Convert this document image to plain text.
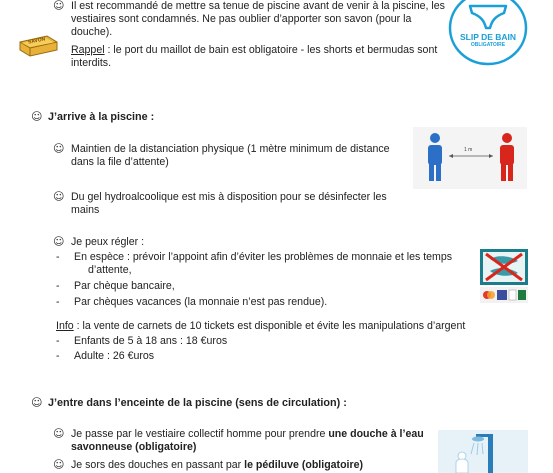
☺ Il est recommandé de mettre sa tenue de piscine avant de venir à la piscine, les
vestiaires sont condamnés. Ne pas oublier d’apporter son savon (pour la
douche).
Rappel : le port du maillot de bain est obligatoire - les shorts et bermudas sont
interdits.
SAVON	SLIP DE BAIN
OBLIGATOIRE
☺ J’arrive à la piscine :
☺ Maintien de la distanciation physique (1 mètre minimum de distance
dans la file d’attente)
1 m
☺ Du gel hydroalcoolique est mis à disposition pour se désinfecter les
mains
☺ Je peux régler :
- En espèce : prévoir l’appoint afin d’éviter les problèmes de monnaie et les temps
d’attente,
- Par chèque bancaire,
- Par chèques vacances (la monnaie n’est pas rendue).
Info : la vente de carnets de 10 tickets est disponible et évite les manipulations d’argent
- Enfants de 5 à 18 ans : 18 €uros
- Adulte : 26 €uros
☺ J’entre dans l’enceinte de la piscine (sens de circulation) :
☺ Je passe par le vestiaire collectif homme pour prendre une douche à l’eau
savonneuse (obligatoire)
☺ Je sors des douches en passant par le pédiluve (obligatoire)
